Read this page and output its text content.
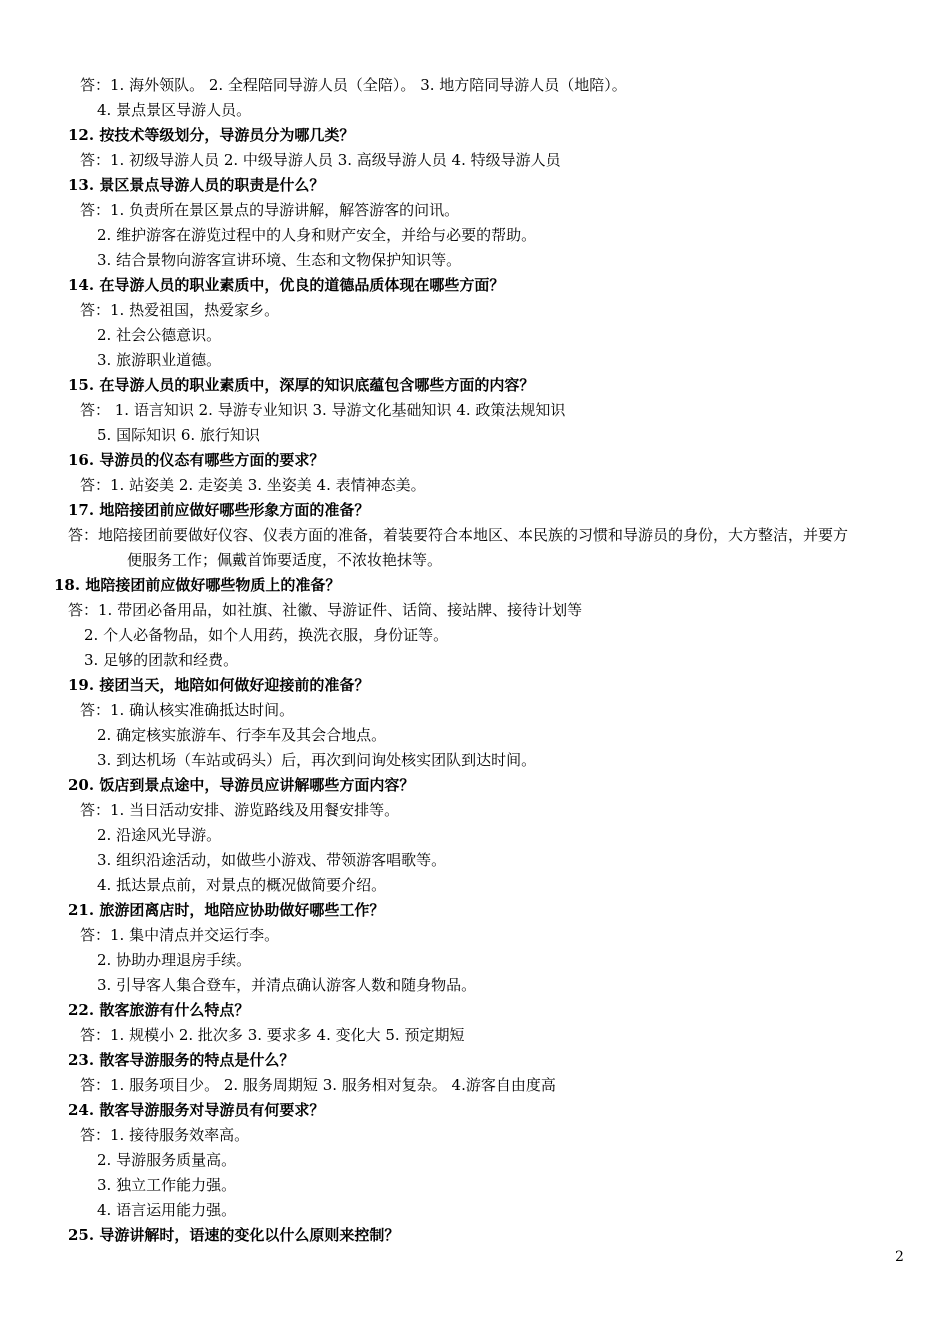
答：1. 海外领队。 2. 全程陪同导游人员（全陪）。 3. 地方陪同导游人员（地陪）。
4. 景点景区导游人员。
12. 按技术等级划分，导游员分为哪几类？
答：1. 初级导游人员 2. 中级导游人员 3. 高级导游人员 4. 特级导游人员
13. 景区景点导游人员的职责是什么？
答：1. 负责所在景区景点的导游讲解，解答游客的问讯。
2. 维护游客在游览过程中的人身和财产安全，并给与必要的帮助。
3. 结合景物向游客宣讲环境、生态和文物保护知识等。
14. 在导游人员的职业素质中，优良的道德品质体现在哪些方面？
答：1. 热爱祖国，热爱家乡。
2. 社会公德意识。
3. 旅游职业道德。
15. 在导游人员的职业素质中，深厚的知识底蕴包含哪些方面的内容？
答： 1. 语言知识 2. 导游专业知识 3. 导游文化基础知识 4. 政策法规知识
5. 国际知识 6. 旅行知识
16. 导游员的仪态有哪些方面的要求？
答：1. 站姿美 2. 走姿美 3. 坐姿美 4. 表情神态美。
17. 地陪接团前应做好哪些形象方面的准备？
答：地陪接团前要做好仪容、仪表方面的准备，着装要符合本地区、本民族的习惯和导游员的身份，大方整洁，并要方
便服务工作；佩戴首饰要适度，不浓妆艳抹等。
18. 地陪接团前应做好哪些物质上的准备？
答：1. 带团必备用品，如社旗、社徽、导游证件、话筒、接站牌、接待计划等
2. 个人必备物品，如个人用药，换洗衣服，身份证等。
3. 足够的团款和经费。
19. 接团当天，地陪如何做好迎接前的准备？
答：1. 确认核实准确抵达时间。
2. 确定核实旅游车、行李车及其会合地点。
3. 到达机场（车站或码头）后，再次到问询处核实团队到达时间。
20. 饭店到景点途中，导游员应讲解哪些方面内容？
答：1. 当日活动安排、游览路线及用餐安排等。
2. 沿途风光导游。
3. 组织沿途活动，如做些小游戏、带领游客唱歌等。
4. 抵达景点前，对景点的概况做简要介绍。
21. 旅游团离店时，地陪应协助做好哪些工作？
答：1. 集中清点并交运行李。
2. 协助办理退房手续。
3. 引导客人集合登车，并清点确认游客人数和随身物品。
22. 散客旅游有什么特点？
答：1. 规模小 2. 批次多 3. 要求多 4. 变化大 5. 预定期短
23. 散客导游服务的特点是什么？
答：1. 服务项目少。 2. 服务周期短 3. 服务相对复杂。 4.游客自由度高
24. 散客导游服务对导游员有何要求？
答：1. 接待服务效率高。
2. 导游服务质量高。
3. 独立工作能力强。
4. 语言运用能力强。
25. 导游讲解时，语速的变化以什么原则来控制？
2
